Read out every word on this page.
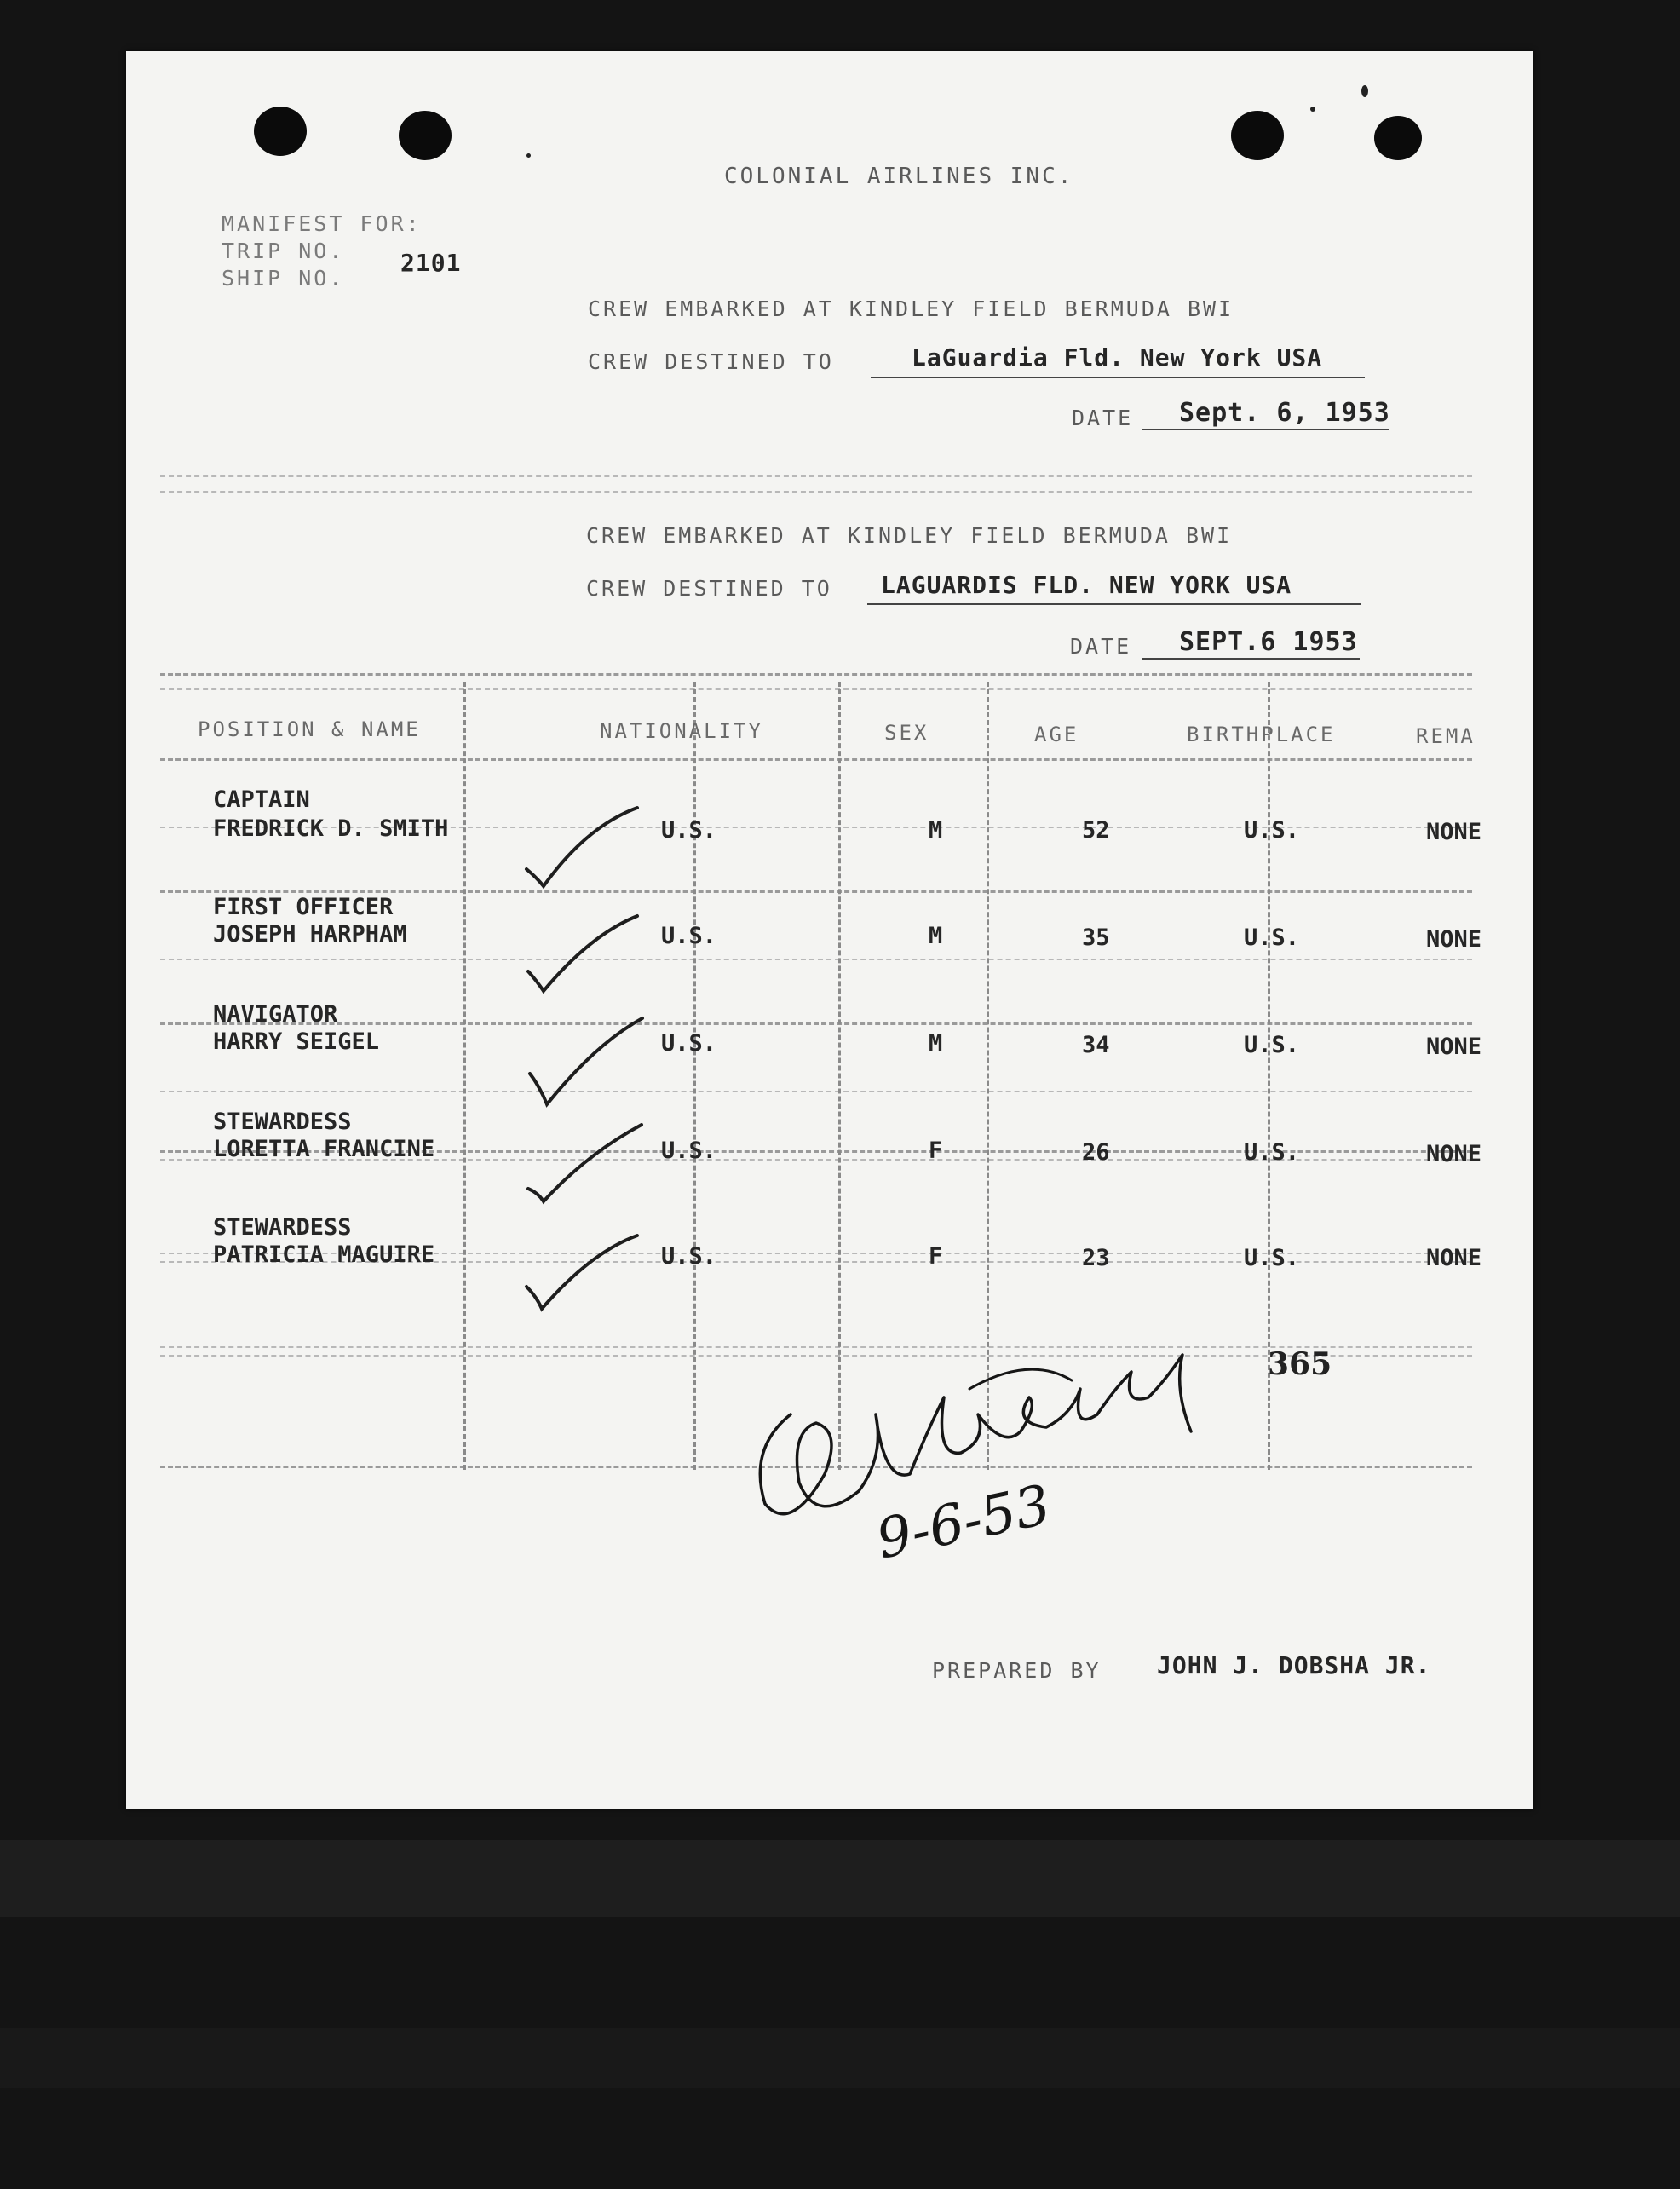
COLONIAL AIRLINES INC.
MANIFEST FOR:
TRIP NO. 2101
SHIP NO.
CREW EMBARKED AT KINDLEY FIELD BERMUDA BWI
CREW DESTINED TO	LaGuardia Fld. New York USA
DATE Sept. 6, 1953
CREW EMBARKED AT KINDLEY FIELD BERMUDA BWI
CREW DESTINED TO LAGUARDIS FLD. NEW YORK USA
DATE SEPT.6 1953
POSITION & NAME	NATIONALITY	SEX	AGE	BIRTHPLACE	REMA
CAPTAIN
FREDRICK D. SMITH	U.S.	M	52	U.S.	NONE
FIRST OFFICER
JOSEPH HARPHAM	U.S.	M	35	U.S.	NONE
NAVIGATOR
HARRY SEIGEL	U.S.	M	34	U.S.	NONE
STEWARDESS
LORETTA FRANCINE	U.S.	F	26	U.S.	NONE
STEWARDESS
PATRICIA MAGUIRE	U.S.	F	23	U.S.	NONE
365
9-6-53
PREPARED BY JOHN J. DOBSHA JR.
